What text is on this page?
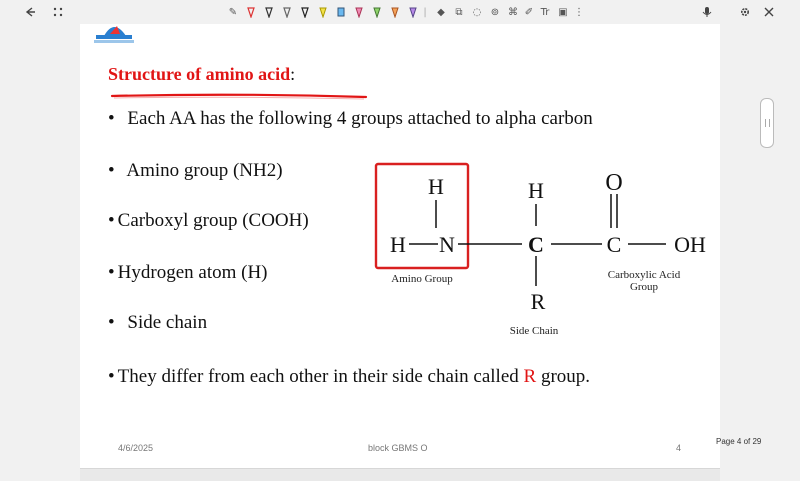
✎	|	◆	⧉	◌ ⊚ ⌘ ✐ Tr ▣ ⋮
Structure of amino acid:
• Each AA has the following 4 groups attached to alpha carbon
• Amino group (NH2)
• Carboxyl group (COOH)
• Hydrogen atom (H)
• Side chain
• They differ from each other in their side chain called R group.
H
H N
H
C
O
C OH
R
Amino Group	Carboxylic Acid
Group
Side Chain
4/6/2025	block GBMS O	4
Page 4 of 29
